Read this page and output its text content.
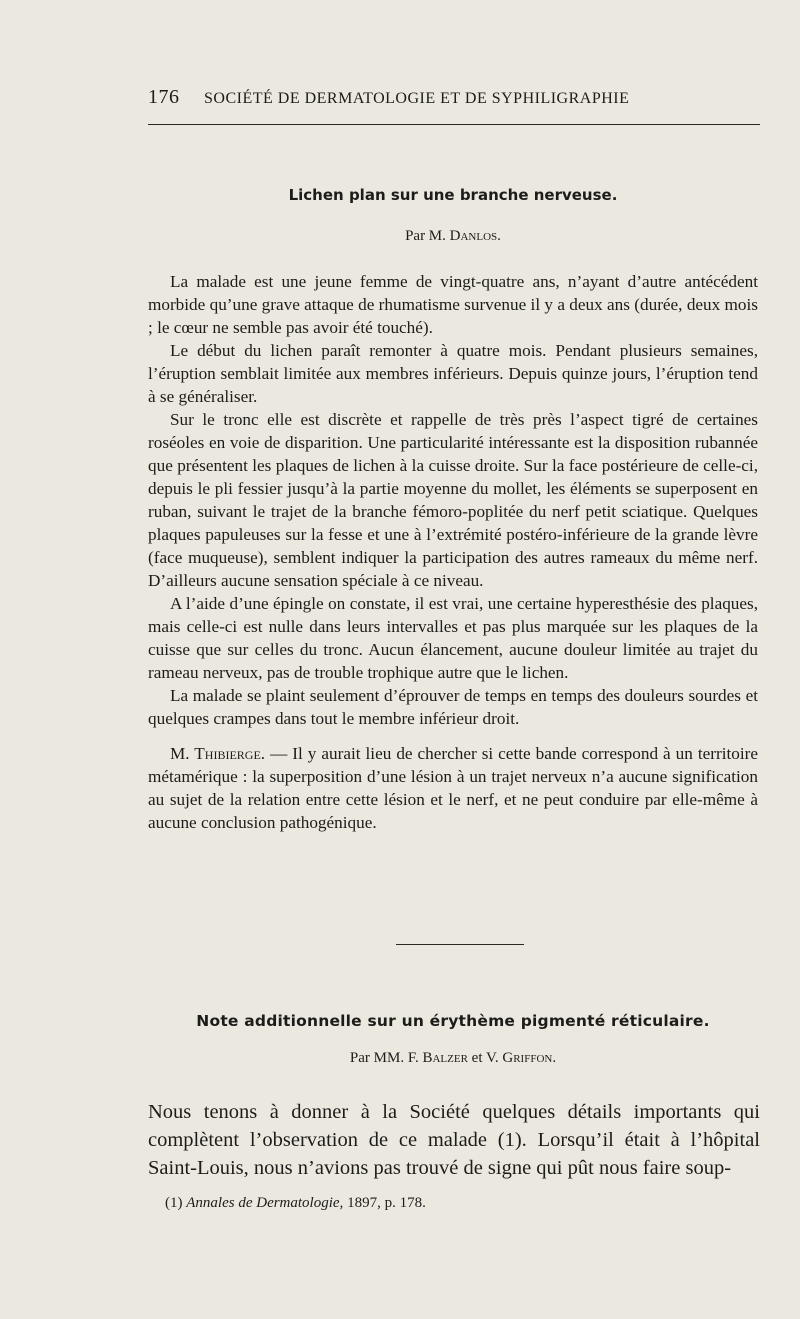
176 SOCIÉTÉ DE DERMATOLOGIE ET DE SYPHILIGRAPHIE
Lichen plan sur une branche nerveuse.
Par M. Danlos.

La malade est une jeune femme de vingt-quatre ans, n’ayant d’autre antécédent morbide qu’une grave attaque de rhumatisme survenue il y a deux ans (durée, deux mois ; le cœur ne semble pas avoir été touché).

Le début du lichen paraît remonter à quatre mois. Pendant plusieurs semaines, l’éruption semblait limitée aux membres inférieurs. Depuis quinze jours, l’éruption tend à se généraliser.

Sur le tronc elle est discrète et rappelle de très près l’aspect tigré de certaines roséoles en voie de disparition. Une particularité intéressante est la disposition rubannée que présentent les plaques de lichen à la cuisse droite. Sur la face postérieure de celle-ci, depuis le pli fessier jusqu’à la partie moyenne du mollet, les éléments se superposent en ruban, suivant le trajet de la branche fémoro-poplitée du nerf petit sciatique. Quelques plaques papuleuses sur la fesse et une à l’extrémité postéro-inférieure de la grande lèvre (face muqueuse), semblent indiquer la participation des autres rameaux du même nerf. D’ailleurs aucune sensation spéciale à ce niveau.

A l’aide d’une épingle on constate, il est vrai, une certaine hyperesthésie des plaques, mais celle-ci est nulle dans leurs intervalles et pas plus marquée sur les plaques de la cuisse que sur celles du tronc. Aucun élancement, aucune douleur limitée au trajet du rameau nerveux, pas de trouble trophique autre que le lichen.

La malade se plaint seulement d’éprouver de temps en temps des douleurs sourdes et quelques crampes dans tout le membre inférieur droit.

M. Thibierge. — Il y aurait lieu de chercher si cette bande correspond à un territoire métamérique : la superposition d’une lésion à un trajet nerveux n’a aucune signification au sujet de la relation entre cette lésion et le nerf, et ne peut conduire par elle-même à aucune conclusion pathogénique.

Note additionnelle sur un érythème pigmenté réticulaire.
Par MM. F. Balzer et V. Griffon.

Nous tenons à donner à la Société quelques détails importants qui complètent l’observation de ce malade (1). Lorsqu’il était à l’hôpital Saint-Louis, nous n’avions pas trouvé de signe qui pût nous faire soup-

(1) Annales de Dermatologie, 1897, p. 178.
